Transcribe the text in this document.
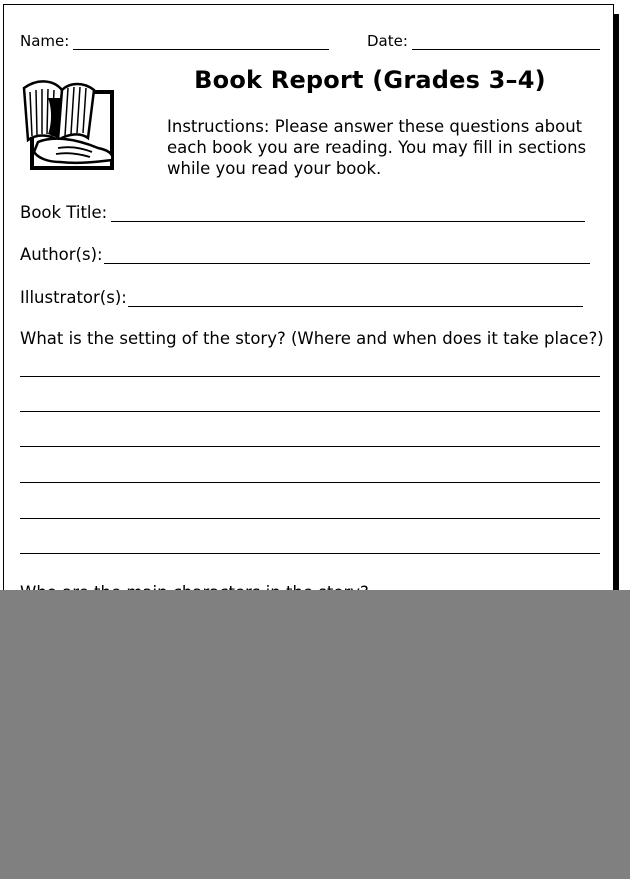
Name:	Date:
Book Report (Grades 3–4)
Instructions: Please answer these questions about each book you are reading. You may fill in sections while you read your book.
Book Title:
Author(s):
Illustrator(s):
What is the setting of the story? (Where and when does it take place?)
